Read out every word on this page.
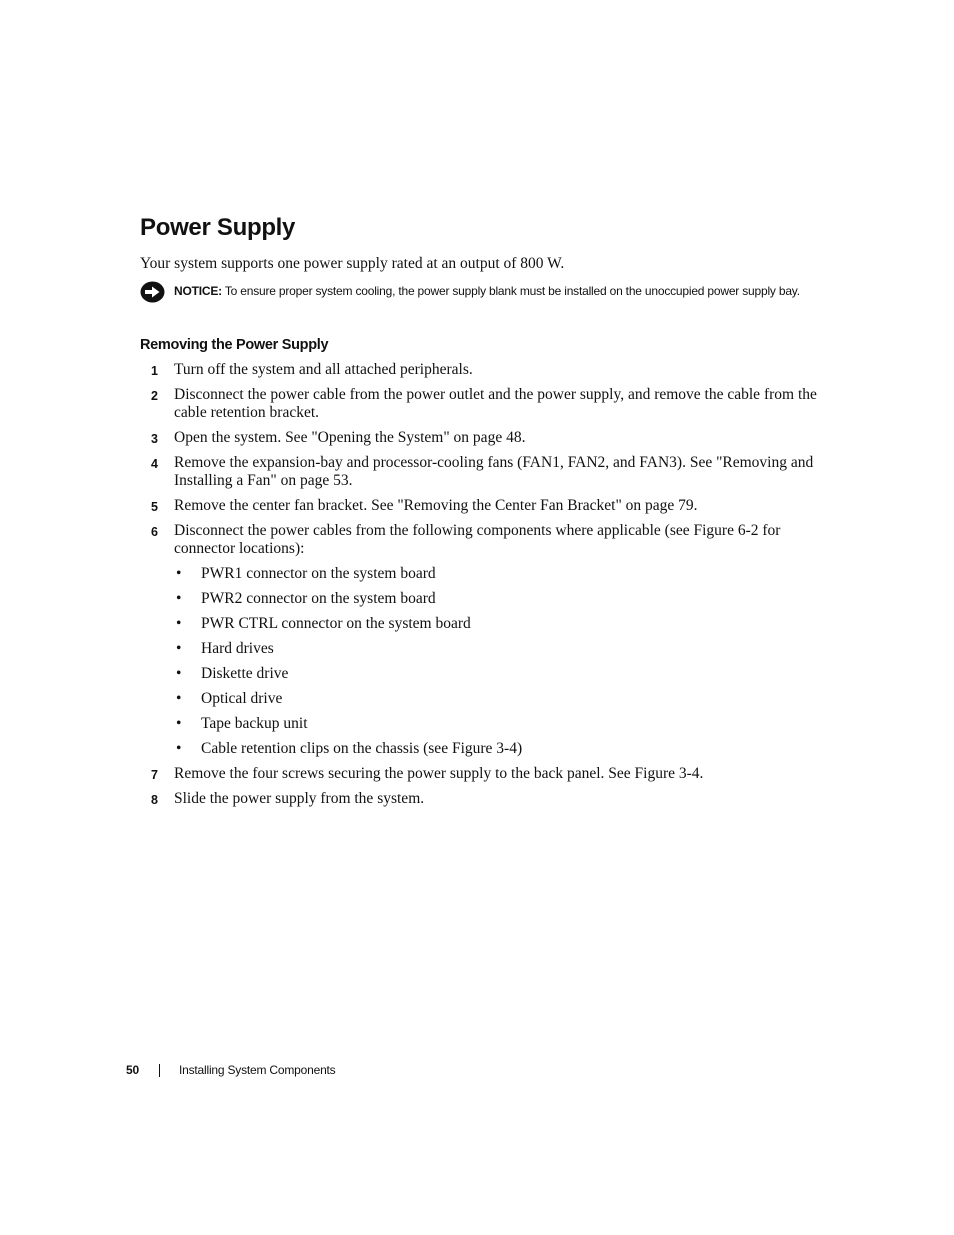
Power Supply

Your system supports one power supply rated at an output of 800 W.

NOTICE: To ensure proper system cooling, the power supply blank must be installed on the unoccupied power supply bay.

Removing the Power Supply
1 Turn off the system and all attached peripherals.
2 Disconnect the power cable from the power outlet and the power supply, and remove the cable from the cable retention bracket.
3 Open the system. See "Opening the System" on page 48.
4 Remove the expansion-bay and processor-cooling fans (FAN1, FAN2, and FAN3). See "Removing and Installing a Fan" on page 53.
5 Remove the center fan bracket. See "Removing the Center Fan Bracket" on page 79.
6 Disconnect the power cables from the following components where applicable (see Figure 6-2 for connector locations):
• PWR1 connector on the system board
• PWR2 connector on the system board
• PWR CTRL connector on the system board
• Hard drives
• Diskette drive
• Optical drive
• Tape backup unit
• Cable retention clips on the chassis (see Figure 3-4)
7 Remove the four screws securing the power supply to the back panel. See Figure 3-4.
8 Slide the power supply from the system.
50	Installing System Components
